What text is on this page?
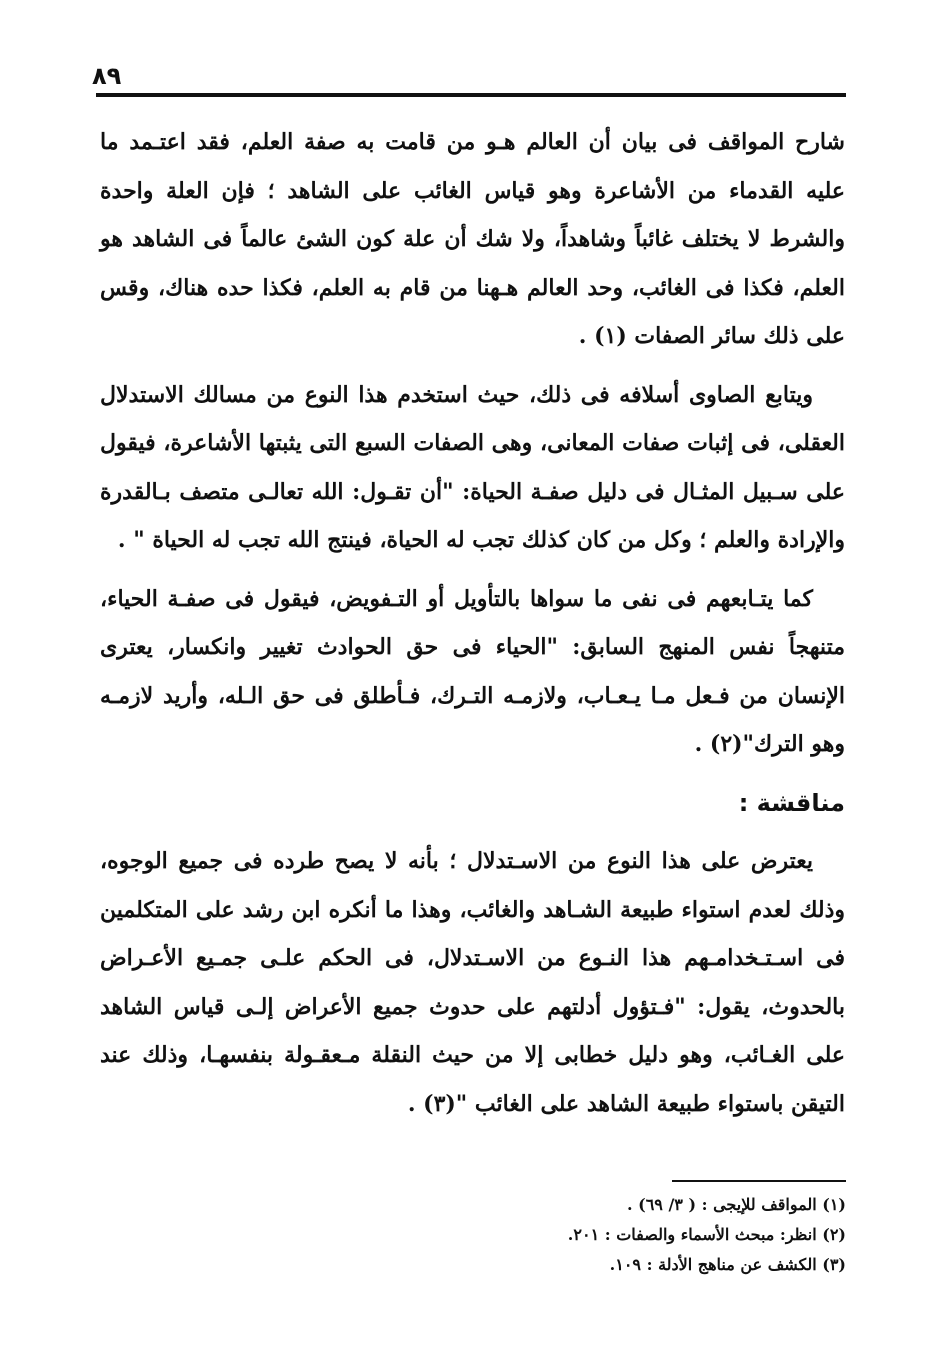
٨٩

شارح المواقف فى بيان أن العالم هـو من قامت به صفة العلم، فقد اعتـمد ما عليه القدماء من الأشاعرة وهو قياس الغائب على الشاهد ؛ فإن العلة واحدة والشرط لا يختلف غائباً وشاهداً، ولا شك أن علة كون الشئ عالماً فى الشاهد هو العلم، فكذا فى الغائب، وحد العالم هـهنا من قام به العلم، فكذا حده هناك، وقس على ذلك سائر الصفات (١) .

ويتابع الصاوى أسلافه فى ذلك، حيث استخدم هذا النوع من مسالك الاستدلال العقلى، فى إثبات صفات المعانى، وهى الصفات السبع التى يثبتها الأشاعرة، فيقول على سـبيل المثـال فى دليل صفـة الحياة: "أن تقـول: الله تعالـى متصف بـالقدرة والإرادة والعلم ؛ وكل من كان كذلك تجب له الحياة، فينتج الله تجب له الحياة " .

كما يتـابعهم فى نفى ما سواها بالتأويل أو التـفويض، فيقول فى صفـة الحياء، متنهجاً نفس المنهج السابق: "الحياء فى حق الحوادث تغيير وانكسار، يعترى الإنسان من فـعل مـا يـعـاب، ولازمـه التـرك، فـأطلق فى حق الـله، وأريد لازمـه وهو الترك"(٢) .

مناقشة :

يعترض على هذا النوع من الاسـتدلال ؛ بأنه لا يصح طرده فى جميع الوجوه، وذلك لعدم استواء طبيعة الشـاهد والغائب، وهذا ما أنكره ابن رشد على المتكلمين فى اسـتـخدامـهم هذا النـوع من الاسـتدلال، فى الحكم علـى جمـيع الأعـراض بالحدوث، يقول: "فـتؤول أدلتهم على حدوث جميع الأعراض إلـى قياس الشاهد على الغـائب، وهو دليل خطابى إلا من حيث النقلة مـعقـولة بنفسهـا، وذلك عند التيقن باستواء طبيعة الشاهد على الغائب "(٣) .

(١) المواقف للإيجى : ( ٣/ ٦٩) .
(٢) انظر: مبحث الأسماء والصفات : ٢٠١.
(٣) الكشف عن مناهج الأدلة : ١٠٩.
